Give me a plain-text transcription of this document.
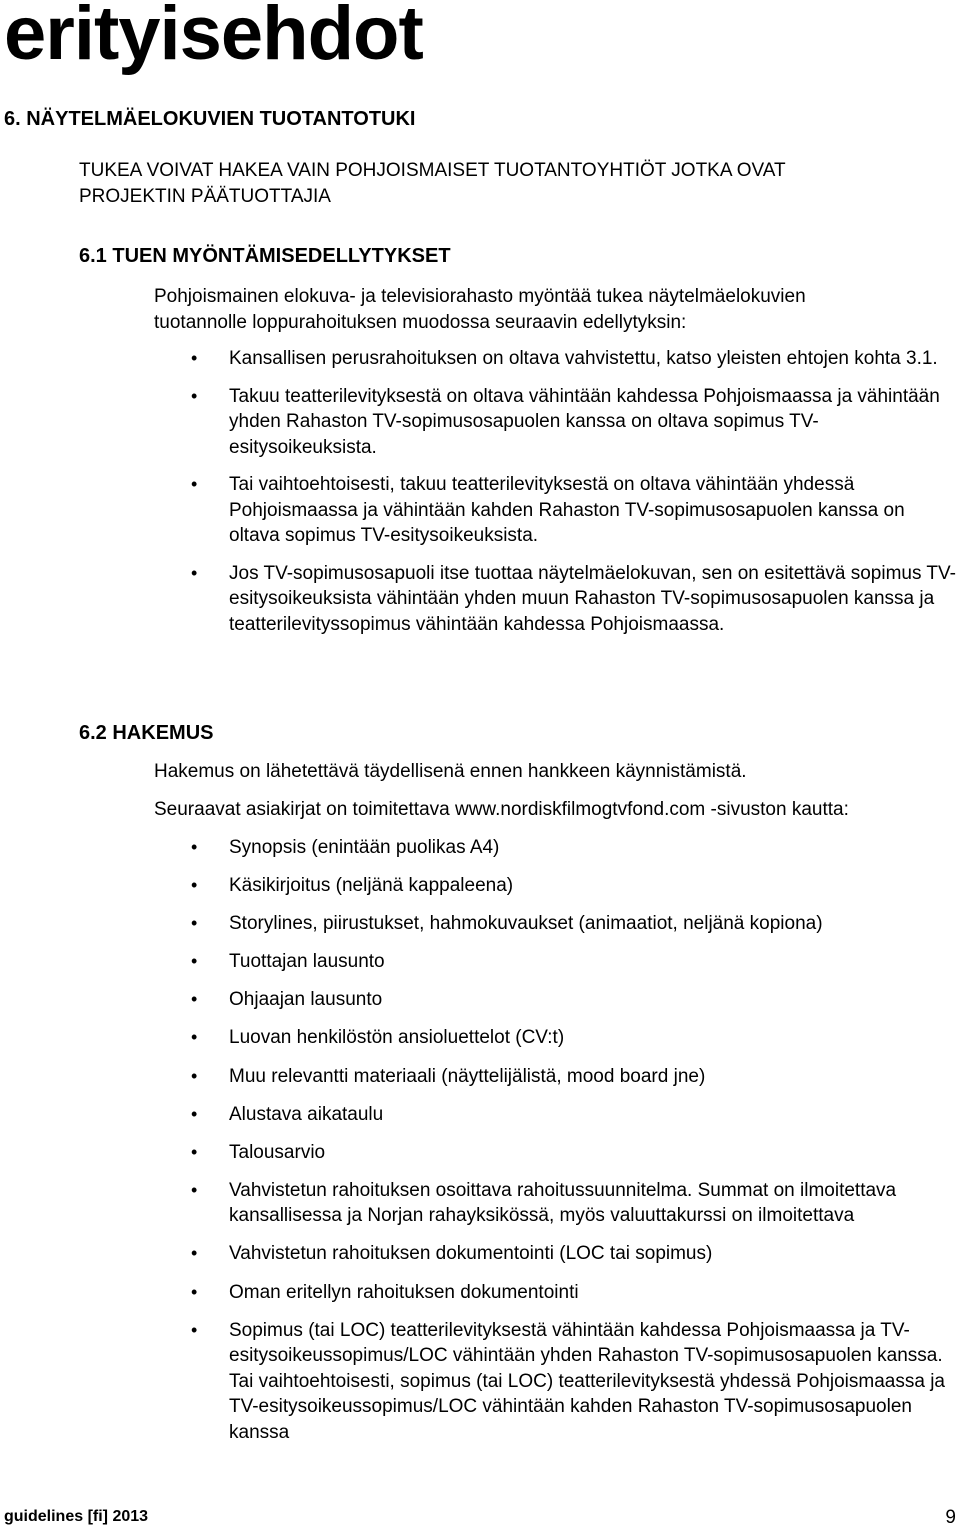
erityisehdot
6. NÄYTELMÄELOKUVIEN TUOTANTOTUKI
TUKEA VOIVAT HAKEA VAIN POHJOISMAISET TUOTANTOYHTIÖT JOTKA OVAT
PROJEKTIN PÄÄTUOTTAJIA
6.1 TUEN MYÖNTÄMISEDELLYTYKSET

Pohjoismainen elokuva- ja televisiorahasto myöntää tukea näytelmäelokuvien tuotannolle loppurahoituksen muodossa seuraavin edellytyksin:

• Kansallisen perusrahoituksen on oltava vahvistettu, katso yleisten ehtojen kohta 3.1.
• Takuu teatterilevityksestä on oltava vähintään kahdessa Pohjoismaassa ja vähintään yhden Rahaston TV-sopimusosapuolen kanssa on oltava sopimus TV-esitysoikeuksista.
• Tai vaihtoehtoisesti, takuu teatterilevityksestä on oltava vähintään yhdessä Pohjoismaassa ja vähintään kahden Rahaston TV-sopimusosapuolen kanssa on oltava sopimus TV-esitysoikeuksista.
• Jos TV-sopimusosapuoli itse tuottaa näytelmäelokuvan, sen on esitettävä sopimus TV-esitysoikeuksista vähintään yhden muun Rahaston TV-sopimusosapuolen kanssa ja teatterilevityssopimus vähintään kahdessa Pohjoismaassa.
6.2 HAKEMUS
Hakemus on lähetettävä täydellisenä ennen hankkeen käynnistämistä.
Seuraavat asiakirjat on toimitettava www.nordiskfilmogtvfond.com -sivuston kautta:
• Synopsis (enintään puolikas A4)
• Käsikirjoitus (neljänä kappaleena)
• Storylines, piirustukset, hahmokuvaukset (animaatiot, neljänä kopiona)
• Tuottajan lausunto
• Ohjaajan lausunto
• Luovan henkilöstön ansioluettelot (CV:t)
• Muu relevantti materiaali (näyttelijälistä, mood board jne)
• Alustava aikataulu
• Talousarvio
• Vahvistetun rahoituksen osoittava rahoitussuunnitelma. Summat on ilmoitettava kansallisessa ja Norjan rahayksikössä, myös valuuttakurssi on ilmoitettava
• Vahvistetun rahoituksen dokumentointi (LOC tai sopimus)
• Oman eritellyn rahoituksen dokumentointi
• Sopimus (tai LOC) teatterilevityksestä vähintään kahdessa Pohjoismaassa ja TV-esitysoikeussopimus/LOC vähintään yhden Rahaston TV-sopimusosapuolen kanssa. Tai vaihtoehtoisesti, sopimus (tai LOC) teatterilevityksestä yhdessä Pohjoismaassa ja TV-esitysoikeussopimus/LOC vähintään kahden Rahaston TV-sopimusosapuolen kanssa
guidelines [fi] 2013	9
